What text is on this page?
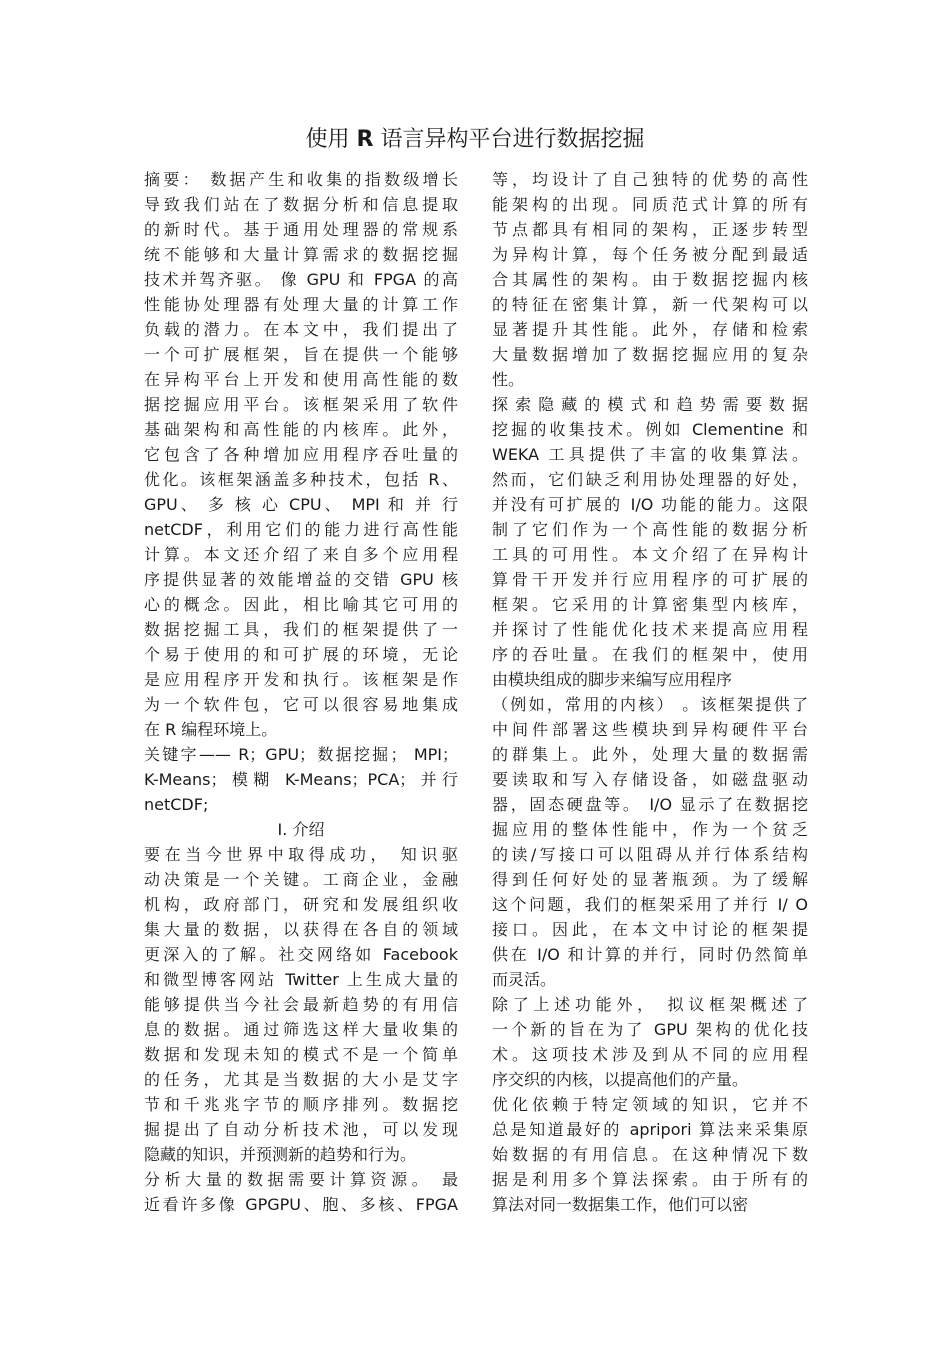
使用 R 语言异构平台进行数据挖掘
摘要： 数据产生和收集的指数级增长
导致我们站在了数据分析和信息提取
的新时代。基于通用处理器的常规系
统不能够和大量计算需求的数据挖掘
技术并驾齐驱。 像 GPU 和 FPGA 的高
性能协处理器有处理大量的计算工作
负载的潜力。在本文中，我们提出了
一个可扩展框架，旨在提供一个能够
在异构平台上开发和使用高性能的数
据挖掘应用平台。该框架采用了软件
基础架构和高性能的内核库。此外，
它包含了各种增加应用程序吞吐量的
优化。该框架涵盖多种技术，包括 R、
GPU、 多 核 心 CPU、 MPI 和 并 行
netCDF，利用它们的能力进行高性能
计算。本文还介绍了来自多个应用程
序提供显著的效能增益的交错 GPU 核
心的概念。因此，相比喻其它可用的
数据挖掘工具，我们的框架提供了一
个易于使用的和可扩展的环境，无论
是应用程序开发和执行。该框架是作
为一个软件包，它可以很容易地集成
在 R 编程环境上。
关键字—— R；GPU；数据挖掘； MPI；
K-Means；模糊 K-Means；PCA；并行
netCDF;
I. 介绍
要在当今世界中取得成功， 知识驱
动决策是一个关键。工商企业，金融
机构，政府部门，研究和发展组织收
集大量的数据，以获得在各自的领域
更深入的了解。社交网络如 Facebook
和微型博客网站 Twitter 上生成大量的
能够提供当今社会最新趋势的有用信
息的数据。通过筛选这样大量收集的
数据和发现未知的模式不是一个简单
的任务，尤其是当数据的大小是艾字
节和千兆兆字节的顺序排列。数据挖
掘提出了自动分析技术池，可以发现
隐藏的知识，并预测新的趋势和行为。
分析大量的数据需要计算资源。 最
近看许多像 GPGPU、胞、多核、FPGA
等，均设计了自己独特的优势的高性
能架构的出现。同质范式计算的所有
节点都具有相同的架构，正逐步转型
为异构计算，每个任务被分配到最适
合其属性的架构。由于数据挖掘内核
的特征在密集计算，新一代架构可以
显著提升其性能。此外，存储和检索
大量数据增加了数据挖掘应用的复杂
性。
探索隐藏的模式和趋势需要数据
挖掘的收集技术。例如 Clementine 和
WEKA 工具提供了丰富的收集算法。
然而，它们缺乏利用协处理器的好处，
并没有可扩展的 I/O 功能的能力。这限
制了它们作为一个高性能的数据分析
工具的可用性。本文介绍了在异构计
算骨干开发并行应用程序的可扩展的
框架。它采用的计算密集型内核库，
并探讨了性能优化技术来提高应用程
序的吞吐量。在我们的框架中，使用
由模块组成的脚步来编写应用程序
（例如，常用的内核） 。该框架提供了
中间件部署这些模块到异构硬件平台
的群集上。此外，处理大量的数据需
要读取和写入存储设备，如磁盘驱动
器，固态硬盘等。 I/O 显示了在数据挖
掘应用的整体性能中，作为一个贫乏
的读/写接口可以阻碍从并行体系结构
得到任何好处的显著瓶颈。为了缓解
这个问题，我们的框架采用了并行 I/ O
接口。因此，在本文中讨论的框架提
供在 I/O 和计算的并行，同时仍然简单
而灵活。
除了上述功能外， 拟议框架概述了
一个新的旨在为了 GPU 架构的优化技
术。这项技术涉及到从不同的应用程
序交织的内核，以提高他们的产量。
优化依赖于特定领域的知识，它并不
总是知道最好的 apripori 算法来采集原
始数据的有用信息。在这种情况下数
据是利用多个算法探索。由于所有的
算法对同一数据集工作，他们可以密
